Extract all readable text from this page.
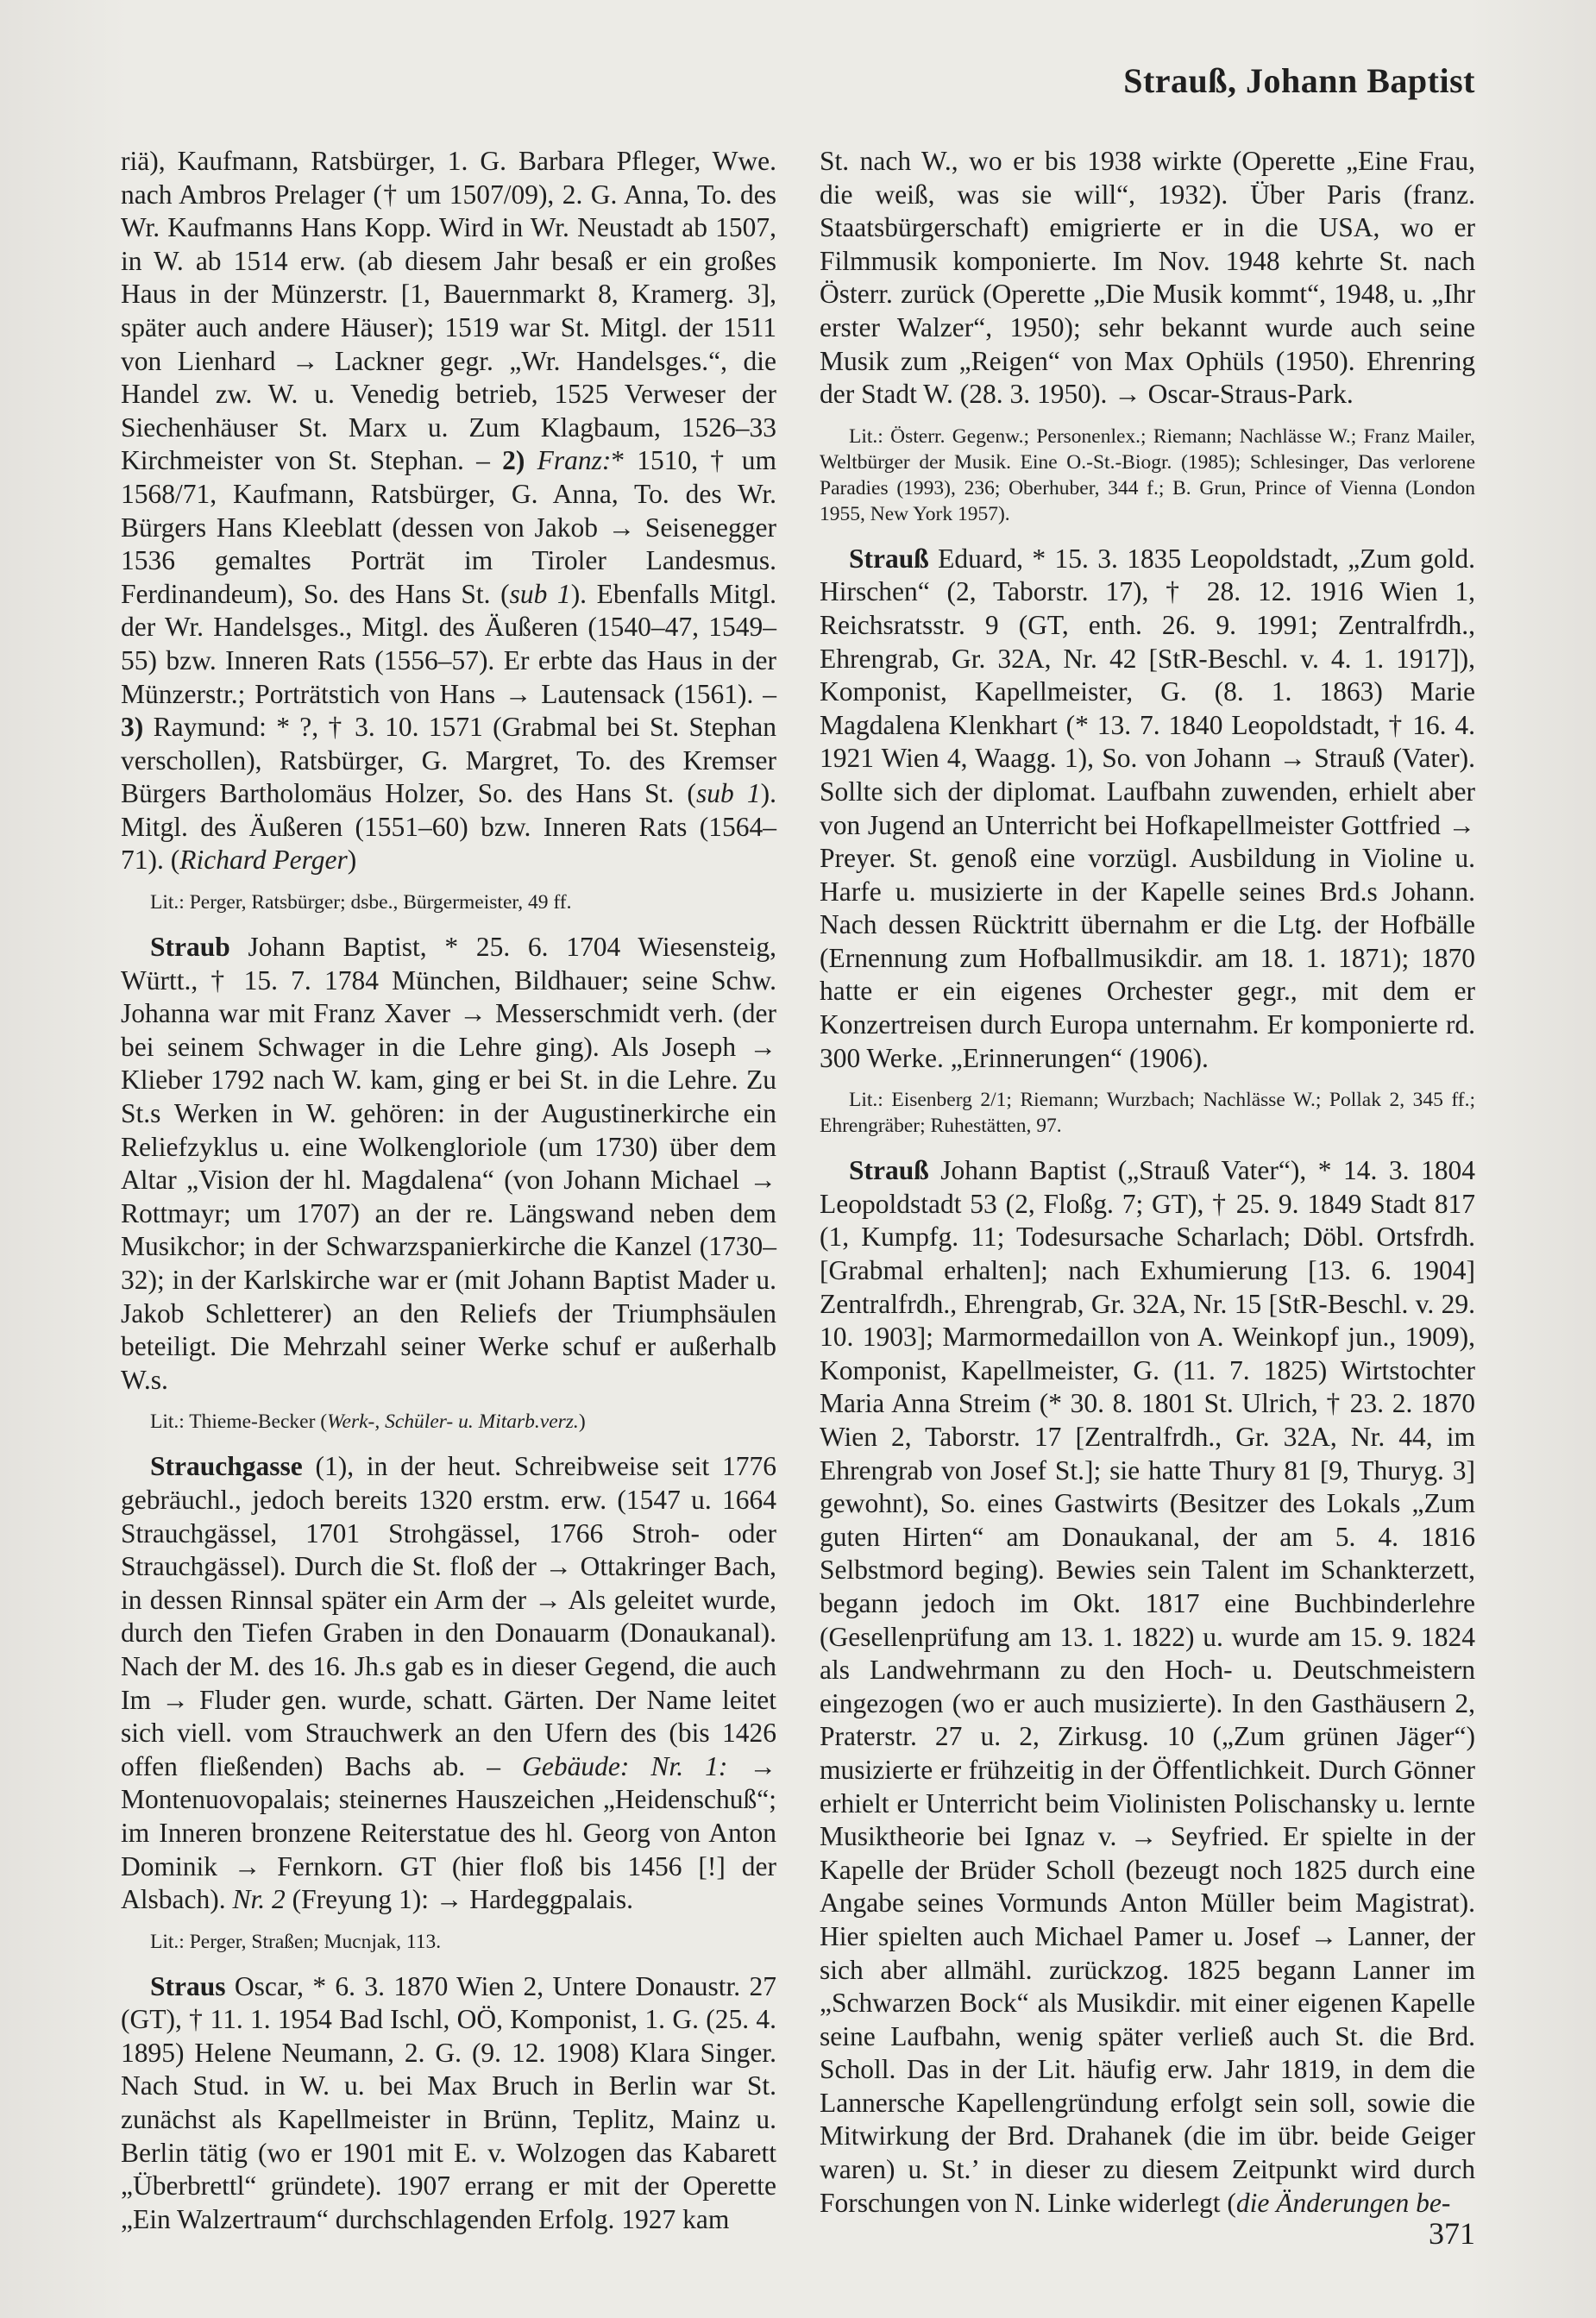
Strauß, Johann Baptist

riä), Kaufmann, Ratsbürger, 1. G. Barbara Pfleger, Wwe. nach Ambros Prelager († um 1507/09), 2. G. Anna, To. des Wr. Kaufmanns Hans Kopp. Wird in Wr. Neustadt ab 1507, in W. ab 1514 erw. (ab diesem Jahr besaß er ein großes Haus in der Münzerstr. [1, Bauernmarkt 8, Kramerg. 3], später auch andere Häuser); 1519 war St. Mitgl. der 1511 von Lienhard → Lackner gegr. „Wr. Handelsges.“, die Handel zw. W. u. Venedig betrieb, 1525 Verweser der Siechenhäuser St. Marx u. Zum Klagbaum, 1526–33 Kirchmeister von St. Stephan. – 2) Franz:* 1510, † um 1568/71, Kaufmann, Ratsbürger, G. Anna, To. des Wr. Bürgers Hans Kleeblatt (dessen von Jakob → Seisenegger 1536 gemaltes Porträt im Tiroler Landesmus. Ferdinandeum), So. des Hans St. (sub 1). Ebenfalls Mitgl. der Wr. Handelsges., Mitgl. des Äußeren (1540–47, 1549–55) bzw. Inneren Rats (1556–57). Er erbte das Haus in der Münzerstr.; Porträtstich von Hans → Lautensack (1561). – 3) Raymund: * ?, † 3. 10. 1571 (Grabmal bei St. Stephan verschollen), Ratsbürger, G. Margret, To. des Kremser Bürgers Bartholomäus Holzer, So. des Hans St. (sub 1). Mitgl. des Äußeren (1551–60) bzw. Inneren Rats (1564–71). (Richard Perger)

Lit.: Perger, Ratsbürger; dsbe., Bürgermeister, 49 ff.

Straub Johann Baptist, * 25. 6. 1704 Wiesensteig, Württ., † 15. 7. 1784 München, Bildhauer; seine Schw. Johanna war mit Franz Xaver → Messerschmidt verh. (der bei seinem Schwager in die Lehre ging). Als Joseph → Klieber 1792 nach W. kam, ging er bei St. in die Lehre. Zu St.s Werken in W. gehören: in der Augustinerkirche ein Reliefzyklus u. eine Wolkengloriole (um 1730) über dem Altar „Vision der hl. Magdalena“ (von Johann Michael → Rottmayr; um 1707) an der re. Längswand neben dem Musikchor; in der Schwarzspanierkirche die Kanzel (1730–32); in der Karlskirche war er (mit Johann Baptist Mader u. Jakob Schletterer) an den Reliefs der Triumphsäulen beteiligt. Die Mehrzahl seiner Werke schuf er außerhalb W.s.

Lit.: Thieme-Becker (Werk-, Schüler- u. Mitarb.verz.)

Strauchgasse (1), in der heut. Schreibweise seit 1776 gebräuchl., jedoch bereits 1320 erstm. erw. (1547 u. 1664 Strauchgässel, 1701 Strohgässel, 1766 Stroh- oder Strauchgässel). Durch die St. floß der → Ottakringer Bach, in dessen Rinnsal später ein Arm der → Als geleitet wurde, durch den Tiefen Graben in den Donauarm (Donaukanal). Nach der M. des 16. Jh.s gab es in dieser Gegend, die auch Im → Fluder gen. wurde, schatt. Gärten. Der Name leitet sich viell. vom Strauchwerk an den Ufern des (bis 1426 offen fließenden) Bachs ab. – Gebäude: Nr. 1: → Montenuovopalais; steinernes Hauszeichen „Heidenschuß“; im Inneren bronzene Reiterstatue des hl. Georg von Anton Dominik → Fernkorn. GT (hier floß bis 1456 [!] der Alsbach). Nr. 2 (Freyung 1): → Hardeggpalais.

Lit.: Perger, Straßen; Mucnjak, 113.

Straus Oscar, * 6. 3. 1870 Wien 2, Untere Donaustr. 27 (GT), † 11. 1. 1954 Bad Ischl, OÖ, Komponist, 1. G. (25. 4. 1895) Helene Neumann, 2. G. (9. 12. 1908) Klara Singer. Nach Stud. in W. u. bei Max Bruch in Berlin war St. zunächst als Kapellmeister in Brünn, Teplitz, Mainz u. Berlin tätig (wo er 1901 mit E. v. Wolzogen das Kabarett „Überbrettl“ gründete). 1907 errang er mit der Operette „Ein Walzertraum“ durchschlagenden Erfolg. 1927 kam

St. nach W., wo er bis 1938 wirkte (Operette „Eine Frau, die weiß, was sie will“, 1932). Über Paris (franz. Staatsbürgerschaft) emigrierte er in die USA, wo er Filmmusik komponierte. Im Nov. 1948 kehrte St. nach Österr. zurück (Operette „Die Musik kommt“, 1948, u. „Ihr erster Walzer“, 1950); sehr bekannt wurde auch seine Musik zum „Reigen“ von Max Ophüls (1950). Ehrenring der Stadt W. (28. 3. 1950). → Oscar-Straus-Park.

Lit.: Österr. Gegenw.; Personenlex.; Riemann; Nachlässe W.; Franz Mailer, Weltbürger der Musik. Eine O.-St.-Biogr. (1985); Schlesinger, Das verlorene Paradies (1993), 236; Oberhuber, 344 f.; B. Grun, Prince of Vienna (London 1955, New York 1957).

Strauß Eduard, * 15. 3. 1835 Leopoldstadt, „Zum gold. Hirschen“ (2, Taborstr. 17), † 28. 12. 1916 Wien 1, Reichsratsstr. 9 (GT, enth. 26. 9. 1991; Zentralfrdh., Ehrengrab, Gr. 32A, Nr. 42 [StR-Beschl. v. 4. 1. 1917]), Komponist, Kapellmeister, G. (8. 1. 1863) Marie Magdalena Klenkhart (* 13. 7. 1840 Leopoldstadt, † 16. 4. 1921 Wien 4, Waagg. 1), So. von Johann → Strauß (Vater). Sollte sich der diplomat. Laufbahn zuwenden, erhielt aber von Jugend an Unterricht bei Hofkapellmeister Gottfried → Preyer. St. genoß eine vorzügl. Ausbildung in Violine u. Harfe u. musizierte in der Kapelle seines Brd.s Johann. Nach dessen Rücktritt übernahm er die Ltg. der Hofbälle (Ernennung zum Hofballmusikdir. am 18. 1. 1871); 1870 hatte er ein eigenes Orchester gegr., mit dem er Konzertreisen durch Europa unternahm. Er komponierte rd. 300 Werke. „Erinnerungen“ (1906).

Lit.: Eisenberg 2/1; Riemann; Wurzbach; Nachlässe W.; Pollak 2, 345 ff.; Ehrengräber; Ruhestätten, 97.

Strauß Johann Baptist („Strauß Vater“), * 14. 3. 1804 Leopoldstadt 53 (2, Floßg. 7; GT), † 25. 9. 1849 Stadt 817 (1, Kumpfg. 11; Todesursache Scharlach; Döbl. Ortsfrdh. [Grabmal erhalten]; nach Exhumierung [13. 6. 1904] Zentralfrdh., Ehrengrab, Gr. 32A, Nr. 15 [StR-Beschl. v. 29. 10. 1903]; Marmormedaillon von A. Weinkopf jun., 1909), Komponist, Kapellmeister, G. (11. 7. 1825) Wirtstochter Maria Anna Streim (* 30. 8. 1801 St. Ulrich, † 23. 2. 1870 Wien 2, Taborstr. 17 [Zentralfrdh., Gr. 32A, Nr. 44, im Ehrengrab von Josef St.]; sie hatte Thury 81 [9, Thuryg. 3] gewohnt), So. eines Gastwirts (Besitzer des Lokals „Zum guten Hirten“ am Donaukanal, der am 5. 4. 1816 Selbstmord beging). Bewies sein Talent im Schankterzett, begann jedoch im Okt. 1817 eine Buchbinderlehre (Gesellenprüfung am 13. 1. 1822) u. wurde am 15. 9. 1824 als Landwehrmann zu den Hoch- u. Deutschmeistern eingezogen (wo er auch musizierte). In den Gasthäusern 2, Praterstr. 27 u. 2, Zirkusg. 10 („Zum grünen Jäger“) musizierte er frühzeitig in der Öffentlichkeit. Durch Gönner erhielt er Unterricht beim Violinisten Polischansky u. lernte Musiktheorie bei Ignaz v. → Seyfried. Er spielte in der Kapelle der Brüder Scholl (bezeugt noch 1825 durch eine Angabe seines Vormunds Anton Müller beim Magistrat). Hier spielten auch Michael Pamer u. Josef → Lanner, der sich aber allmähl. zurückzog. 1825 begann Lanner im „Schwarzen Bock“ als Musikdir. mit einer eigenen Kapelle seine Laufbahn, wenig später verließ auch St. die Brd. Scholl. Das in der Lit. häufig erw. Jahr 1819, in dem die Lannersche Kapellengründung erfolgt sein soll, sowie die Mitwirkung der Brd. Drahanek (die im übr. beide Geiger waren) u. St.’ in dieser zu diesem Zeitpunkt wird durch Forschungen von N. Linke widerlegt (die Änderungen be-

371
